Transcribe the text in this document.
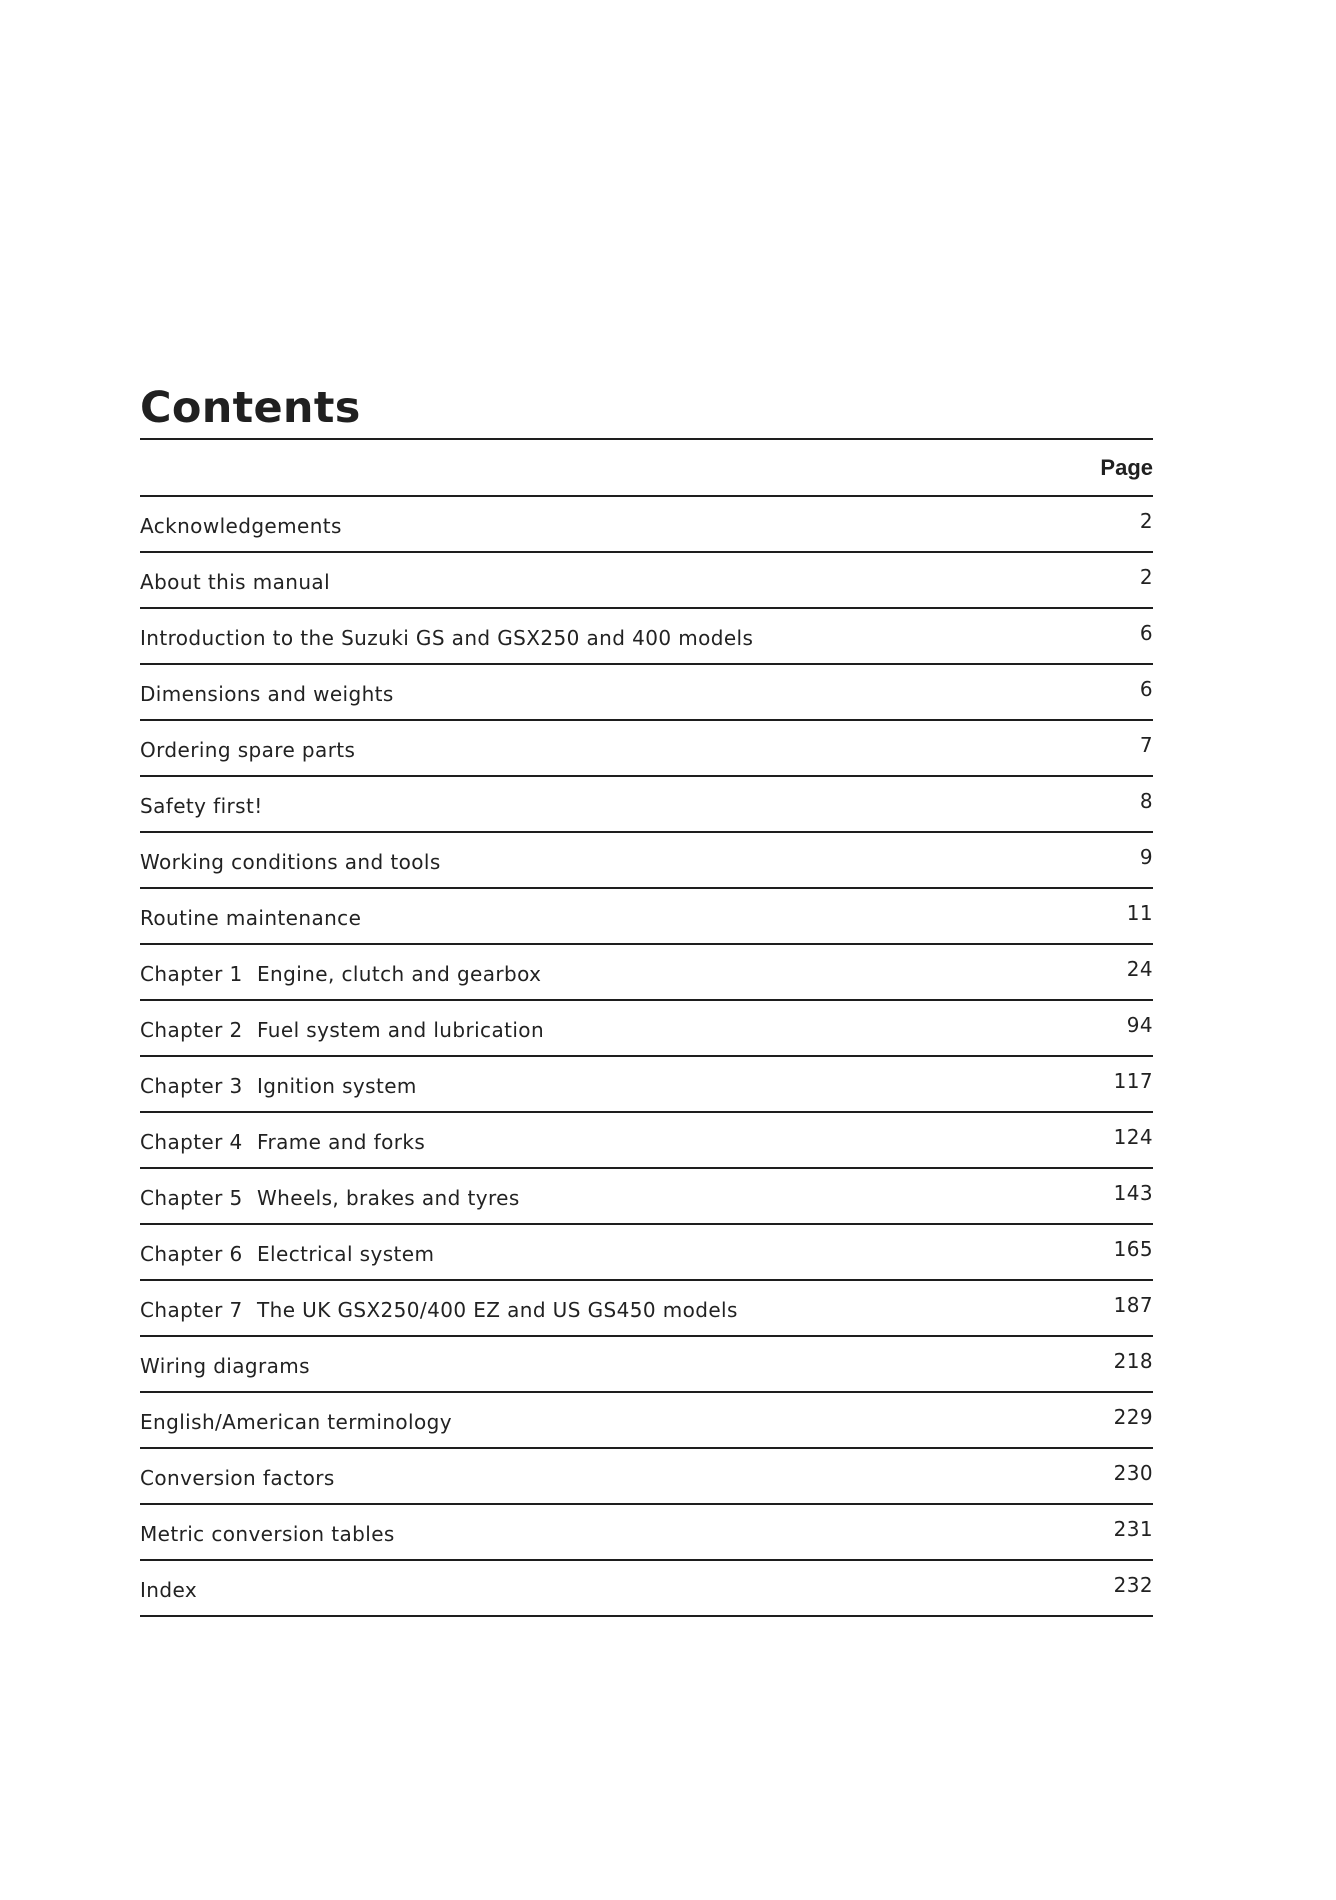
Contents
Page
Acknowledgements	2
About this manual	2
Introduction to the Suzuki GS and GSX250 and 400 models	6
Dimensions and weights	6
Ordering spare parts	7
Safety first!	8
Working conditions and tools	9
Routine maintenance	11
Chapter 1 Engine, clutch and gearbox	24
Chapter 2 Fuel system and lubrication	94
Chapter 3 Ignition system	117
Chapter 4 Frame and forks	124
Chapter 5 Wheels, brakes and tyres	143
Chapter 6 Electrical system	165
Chapter 7 The UK GSX250/400 EZ and US GS450 models	187
Wiring diagrams	218
English/American terminology	229
Conversion factors	230
Metric conversion tables	231
Index	232
